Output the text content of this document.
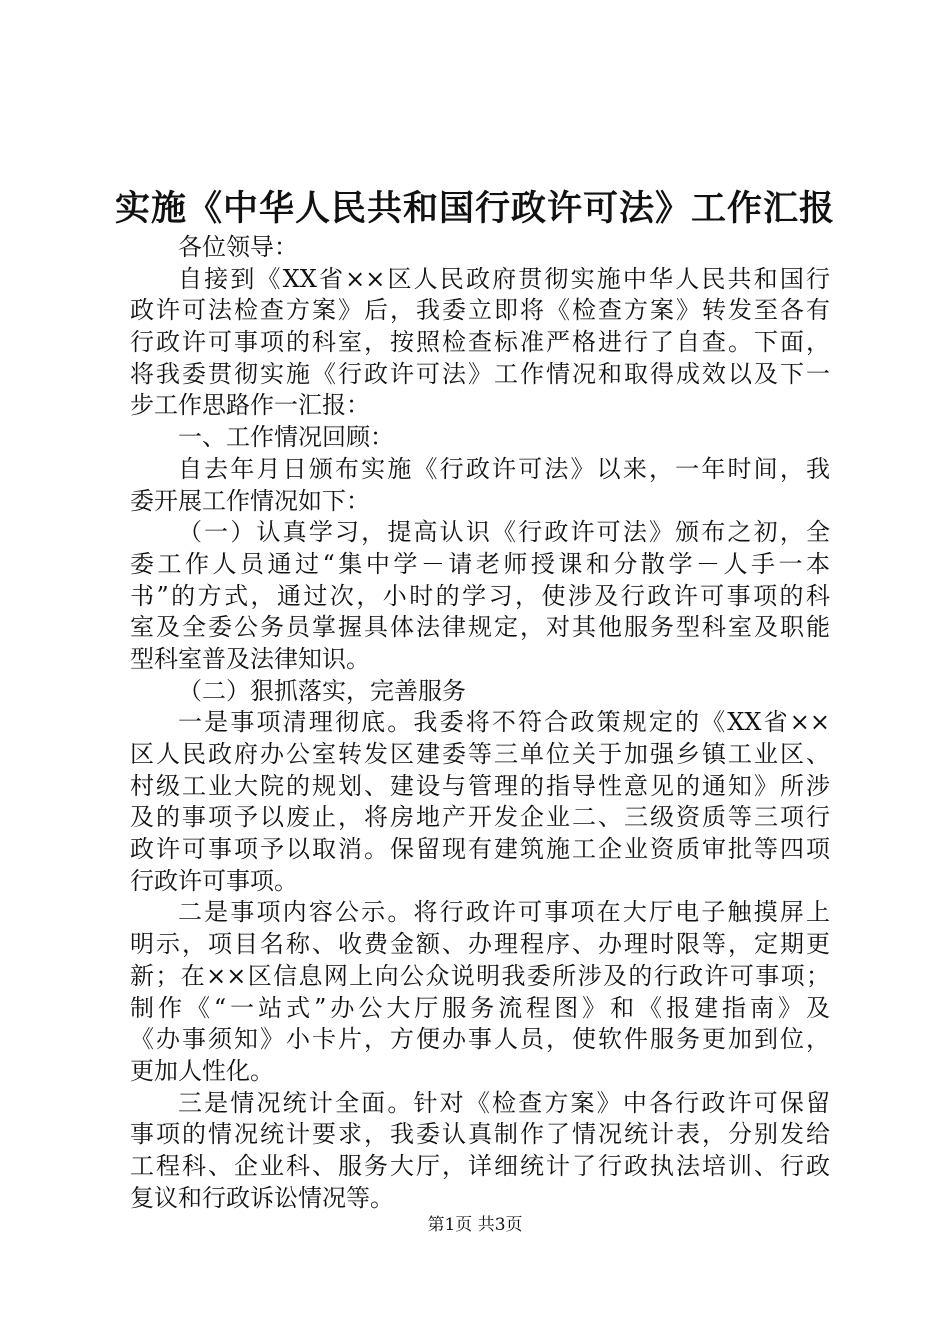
实施《中华人民共和国行政许可法》工作汇报
各位领导：
自接到《XX省××区人民政府贯彻实施中华人民共和国行
政许可法检查方案》后，我委立即将《检查方案》转发至各有
行政许可事项的科室，按照检查标准严格进行了自查。下面，
将我委贯彻实施《行政许可法》工作情况和取得成效以及下一
步工作思路作一汇报：
一、工作情况回顾：
自去年月日颁布实施《行政许可法》以来，一年时间，我
委开展工作情况如下：
（一）认真学习，提高认识《行政许可法》颁布之初，全
委工作人员通过“集中学－请老师授课和分散学－人手一本
书”的方式，通过次，小时的学习，使涉及行政许可事项的科
室及全委公务员掌握具体法律规定，对其他服务型科室及职能
型科室普及法律知识。
（二）狠抓落实，完善服务
一是事项清理彻底。我委将不符合政策规定的《XX省××
区人民政府办公室转发区建委等三单位关于加强乡镇工业区、
村级工业大院的规划、建设与管理的指导性意见的通知》所涉
及的事项予以废止，将房地产开发企业二、三级资质等三项行
政许可事项予以取消。保留现有建筑施工企业资质审批等四项
行政许可事项。
二是事项内容公示。将行政许可事项在大厅电子触摸屏上
明示，项目名称、收费金额、办理程序、办理时限等，定期更
新；在××区信息网上向公众说明我委所涉及的行政许可事项；
制作《“一站式”办公大厅服务流程图》和《报建指南》及
《办事须知》小卡片，方便办事人员，使软件服务更加到位，
更加人性化。
三是情况统计全面。针对《检查方案》中各行政许可保留
事项的情况统计要求，我委认真制作了情况统计表，分别发给
工程科、企业科、服务大厅，详细统计了行政执法培训、行政
复议和行政诉讼情况等。
第1页 共3页
